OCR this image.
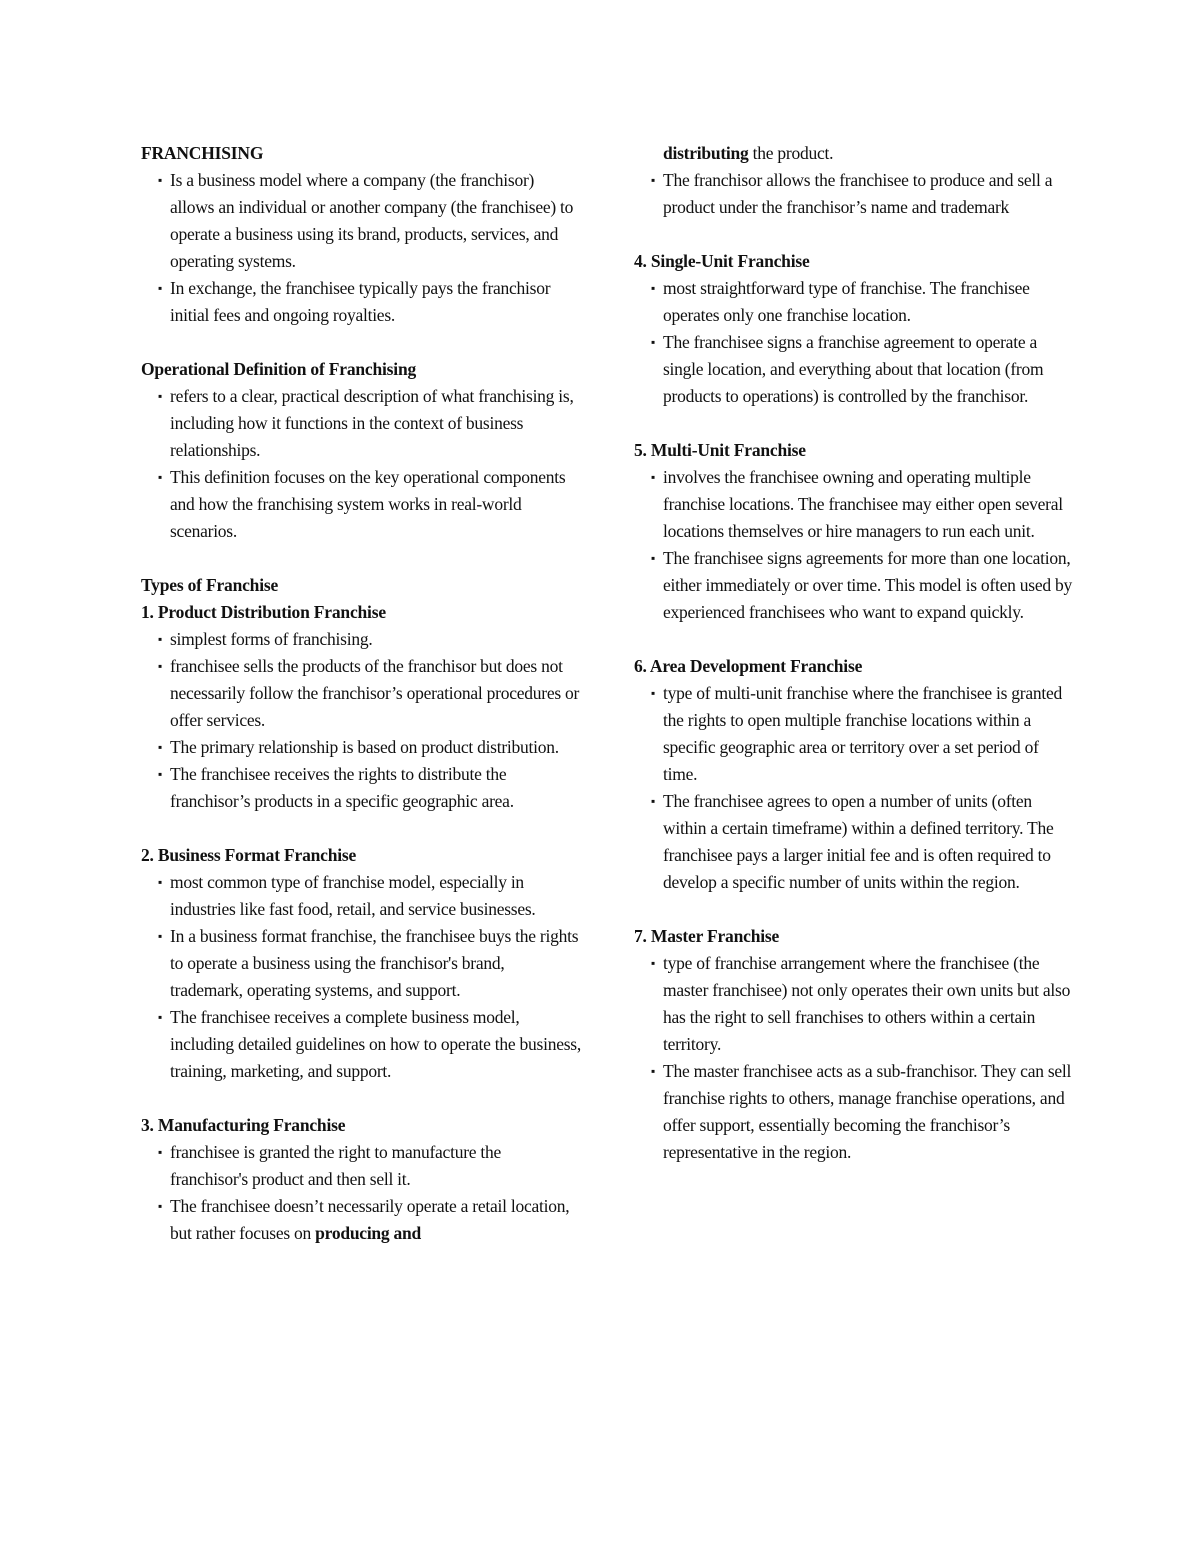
FRANCHISING

▪ Is a business model where a company (the franchisor) allows an individual or another company (the franchisee) to operate a business using its brand, products, services, and operating systems.
▪ In exchange, the franchisee typically pays the franchisor initial fees and ongoing royalties.

Operational Definition of Franchising

▪ refers to a clear, practical description of what franchising is, including how it functions in the context of business relationships.
▪ This definition focuses on the key operational components and how the franchising system works in real-world scenarios.

Types of Franchise

1. Product Distribution Franchise

▪ simplest forms of franchising.
▪ franchisee sells the products of the franchisor but does not necessarily follow the franchisor’s operational procedures or offer services.
▪ The primary relationship is based on product distribution.
▪ The franchisee receives the rights to distribute the franchisor’s products in a specific geographic area.

2. Business Format Franchise

▪ most common type of franchise model, especially in industries like fast food, retail, and service businesses.
▪ In a business format franchise, the franchisee buys the rights to operate a business using the franchisor's brand, trademark, operating systems, and support.
▪ The franchisee receives a complete business model, including detailed guidelines on how to operate the business, training, marketing, and support.

3. Manufacturing Franchise

▪ franchisee is granted the right to manufacture the franchisor's product and then sell it.
▪ The franchisee doesn’t necessarily operate a retail location, but rather focuses on producing and
distributing the product.
▪ The franchisor allows the franchisee to produce and sell a product under the franchisor’s name and trademark

4. Single-Unit Franchise

▪ most straightforward type of franchise. The franchisee operates only one franchise location.
▪ The franchisee signs a franchise agreement to operate a single location, and everything about that location (from products to operations) is controlled by the franchisor.

5. Multi-Unit Franchise

▪ involves the franchisee owning and operating multiple franchise locations. The franchisee may either open several locations themselves or hire managers to run each unit.
▪ The franchisee signs agreements for more than one location, either immediately or over time. This model is often used by experienced franchisees who want to expand quickly.

6. Area Development Franchise

▪ type of multi-unit franchise where the franchisee is granted the rights to open multiple franchise locations within a specific geographic area or territory over a set period of time.
▪ The franchisee agrees to open a number of units (often within a certain timeframe) within a defined territory. The franchisee pays a larger initial fee and is often required to develop a specific number of units within the region.

7. Master Franchise

▪ type of franchise arrangement where the franchisee (the master franchisee) not only operates their own units but also has the right to sell franchises to others within a certain territory.
▪ The master franchisee acts as a sub-franchisor. They can sell franchise rights to others, manage franchise operations, and offer support, essentially becoming the franchisor’s representative in the region.
